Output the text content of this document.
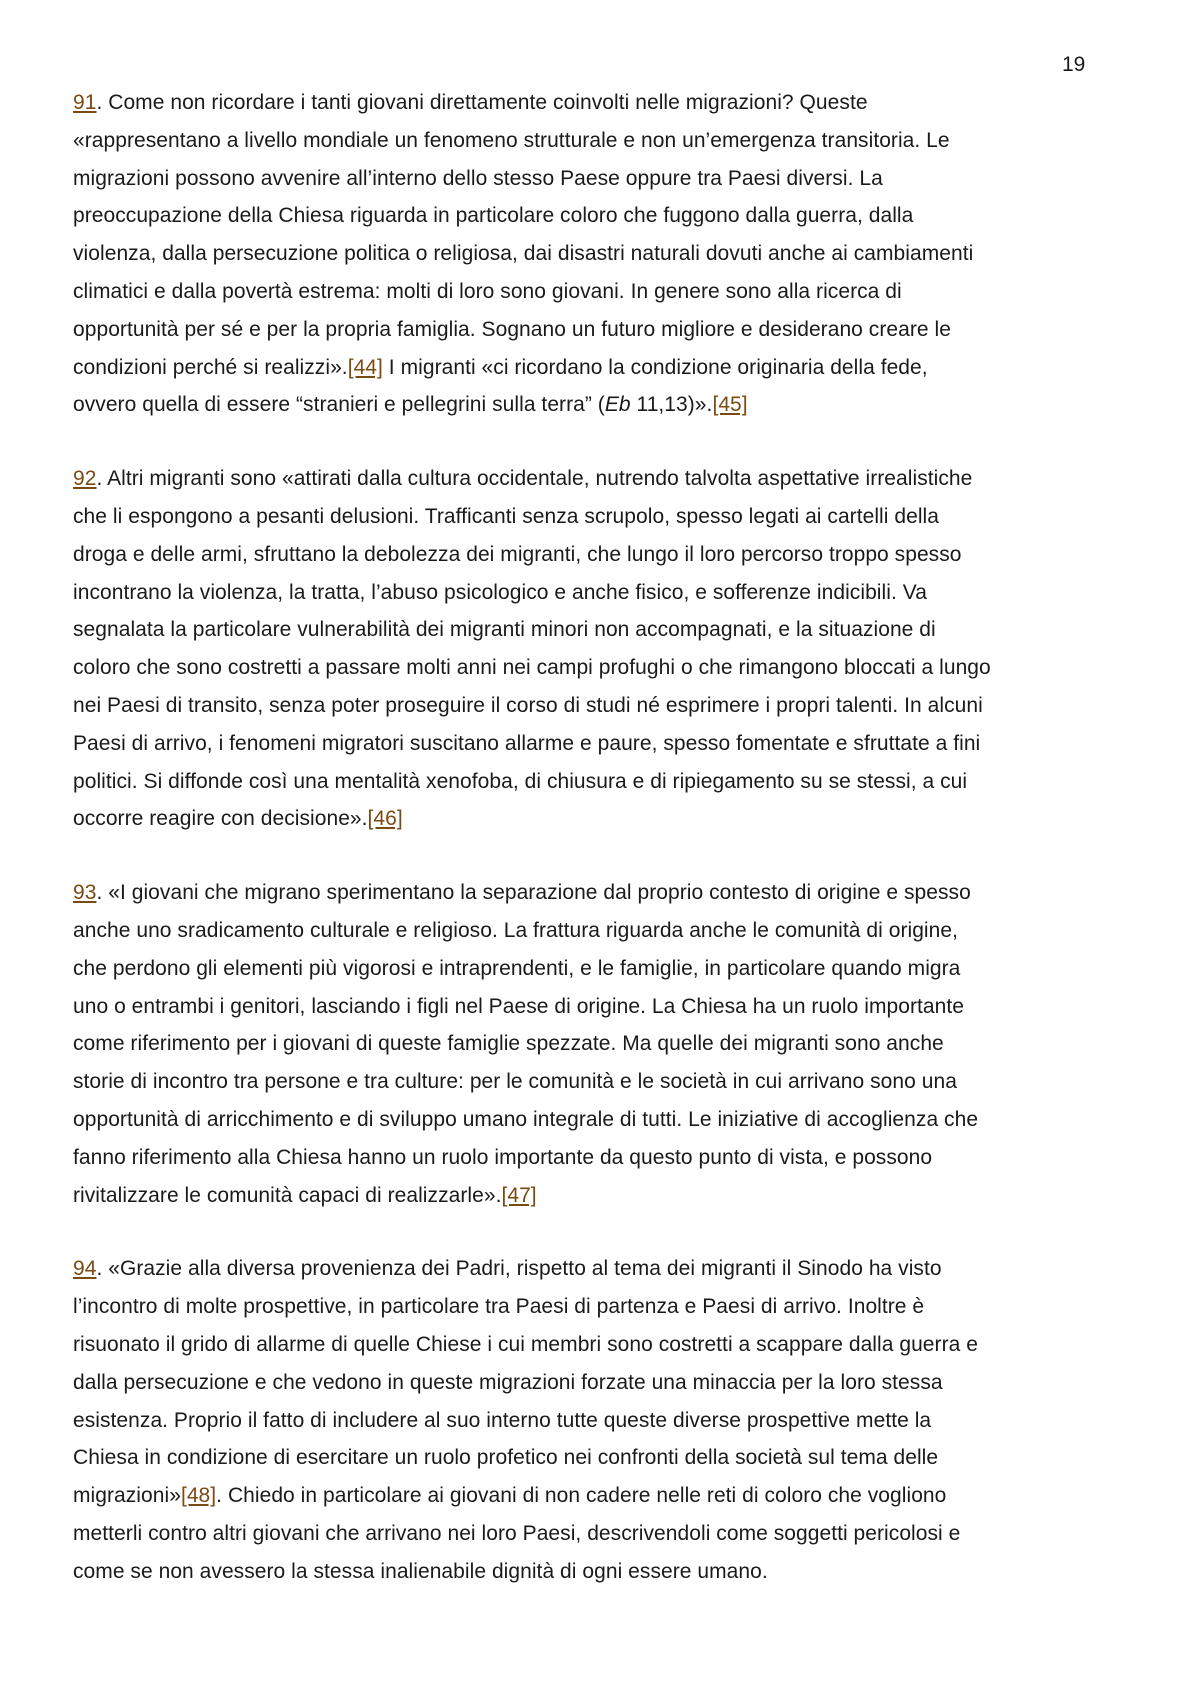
19

91. Come non ricordare i tanti giovani direttamente coinvolti nelle migrazioni? Queste
«rappresentano a livello mondiale un fenomeno strutturale e non un’emergenza transitoria. Le
migrazioni possono avvenire all’interno dello stesso Paese oppure tra Paesi diversi. La
preoccupazione della Chiesa riguarda in particolare coloro che fuggono dalla guerra, dalla
violenza, dalla persecuzione politica o religiosa, dai disastri naturali dovuti anche ai cambiamenti
climatici e dalla povertà estrema: molti di loro sono giovani. In genere sono alla ricerca di
opportunità per sé e per la propria famiglia. Sognano un futuro migliore e desiderano creare le
condizioni perché si realizzi».[44] I migranti «ci ricordano la condizione originaria della fede,
ovvero quella di essere “stranieri e pellegrini sulla terra” (Eb 11,13)».[45]

92. Altri migranti sono «attirati dalla cultura occidentale, nutrendo talvolta aspettative irrealistiche
che li espongono a pesanti delusioni. Trafficanti senza scrupolo, spesso legati ai cartelli della
droga e delle armi, sfruttano la debolezza dei migranti, che lungo il loro percorso troppo spesso
incontrano la violenza, la tratta, l’abuso psicologico e anche fisico, e sofferenze indicibili. Va
segnalata la particolare vulnerabilità dei migranti minori non accompagnati, e la situazione di
coloro che sono costretti a passare molti anni nei campi profughi o che rimangono bloccati a lungo
nei Paesi di transito, senza poter proseguire il corso di studi né esprimere i propri talenti. In alcuni
Paesi di arrivo, i fenomeni migratori suscitano allarme e paure, spesso fomentate e sfruttate a fini
politici. Si diffonde così una mentalità xenofoba, di chiusura e di ripiegamento su se stessi, a cui
occorre reagire con decisione».[46]

93. «I giovani che migrano sperimentano la separazione dal proprio contesto di origine e spesso
anche uno sradicamento culturale e religioso. La frattura riguarda anche le comunità di origine,
che perdono gli elementi più vigorosi e intraprendenti, e le famiglie, in particolare quando migra
uno o entrambi i genitori, lasciando i figli nel Paese di origine. La Chiesa ha un ruolo importante
come riferimento per i giovani di queste famiglie spezzate. Ma quelle dei migranti sono anche
storie di incontro tra persone e tra culture: per le comunità e le società in cui arrivano sono una
opportunità di arricchimento e di sviluppo umano integrale di tutti. Le iniziative di accoglienza che
fanno riferimento alla Chiesa hanno un ruolo importante da questo punto di vista, e possono
rivitalizzare le comunità capaci di realizzarle».[47]

94. «Grazie alla diversa provenienza dei Padri, rispetto al tema dei migranti il Sinodo ha visto
l’incontro di molte prospettive, in particolare tra Paesi di partenza e Paesi di arrivo. Inoltre è
risuonato il grido di allarme di quelle Chiese i cui membri sono costretti a scappare dalla guerra e
dalla persecuzione e che vedono in queste migrazioni forzate una minaccia per la loro stessa
esistenza. Proprio il fatto di includere al suo interno tutte queste diverse prospettive mette la
Chiesa in condizione di esercitare un ruolo profetico nei confronti della società sul tema delle
migrazioni»[48]. Chiedo in particolare ai giovani di non cadere nelle reti di coloro che vogliono
metterli contro altri giovani che arrivano nei loro Paesi, descrivendoli come soggetti pericolosi e
come se non avessero la stessa inalienabile dignità di ogni essere umano.
